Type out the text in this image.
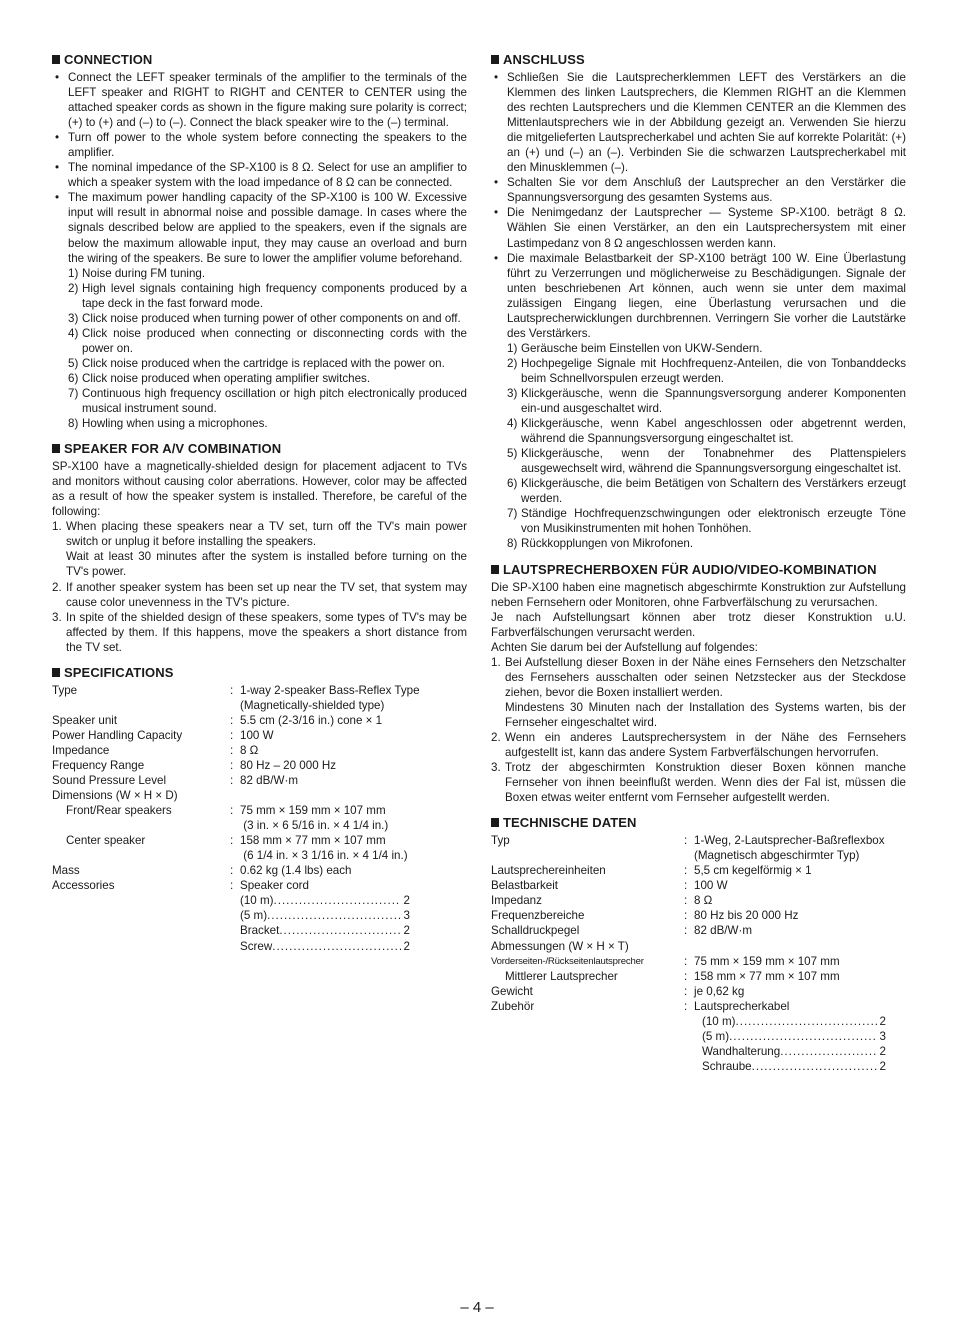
CONNECTION
• Connect the LEFT speaker terminals of the amplifier to the terminals of the LEFT speaker and RIGHT to RIGHT and CENTER to CENTER using the attached speaker cords as shown in the figure making sure polarity is correct; (+) to (+) and (–) to (–). Connect the black speaker wire to the (–) terminal.
• Turn off power to the whole system before connecting the speakers to the amplifier.
• The nominal impedance of the SP-X100 is 8 Ω. Select for use an amplifier to which a speaker system with the load impedance of 8 Ω can be connected.
• The maximum power handling capacity of the SP-X100 is 100 W. Excessive input will result in abnormal noise and possible damage. In cases where the signals described below are applied to the speakers, even if the signals are below the maximum allowable input, they may cause an overload and burn the wiring of the speakers. Be sure to lower the amplifier volume beforehand.
1) Noise during FM tuning.
2) High level signals containing high frequency components produced by a tape deck in the fast forward mode.
3) Click noise produced when turning power of other components on and off.
4) Click noise produced when connecting or disconnecting cords with the power on.
5) Click noise produced when the cartridge is replaced with the power on.
6) Click noise produced when operating amplifier switches.
7) Continuous high frequency oscillation or high pitch electronically produced musical instrument sound.
8) Howling when using a microphones.
SPEAKER FOR A/V COMBINATION

SP-X100 have a magnetically-shielded design for placement adjacent to TVs and monitors without causing color aberrations. However, color may be affected as a result of how the speaker system is installed. Therefore, be careful of the following:

1. When placing these speakers near a TV set, turn off the TV's main power switch or unplug it before installing the speakers.
Wait at least 30 minutes after the system is installed before turning on the TV's power.
2. If another speaker system has been set up near the TV set, that system may cause color unevenness in the TV's picture.
3. In spite of the shielded design of these speakers, some types of TV's may be affected by them. If this happens, move the speakers a short distance from the TV set.
SPECIFICATIONS
Type	: 1-way 2-speaker Bass-Reflex Type
(Magnetically-shielded type)
Speaker unit	: 5.5 cm (2-3/16 in.) cone × 1
Power Handling Capacity	: 100 W
Impedance	: 8 Ω
Frequency Range	: 80 Hz – 20 000 Hz
Sound Pressure Level	: 82 dB/W·m
Dimensions (W × H × D)
Front/Rear speakers	: 75 mm × 159 mm × 107 mm
(3 in. × 6 5/16 in. × 4 1/4 in.)
Center speaker	: 158 mm × 77 mm × 107 mm
(6 1/4 in. × 3 1/16 in. × 4 1/4 in.)
Mass	: 0.62 kg (1.4 lbs) each
Accessories	: Speaker cord
(10 m) .....	2
(5 m) .....	3
Bracket .....	2
Screw .....	2
ANSCHLUSS
• Schließen Sie die Lautsprecherklemmen LEFT des Verstärkers an die Klemmen des linken Lautsprechers, die Klemmen RIGHT an die Klemmen des rechten Lautsprechers und die Klemmen CENTER an die Klemmen des Mittenlautsprechers wie in der Abbildung gezeigt an. Verwenden Sie hierzu die mitgelieferten Lautsprecherkabel und achten Sie auf korrekte Polarität: (+) an (+) und (–) an (–). Verbinden Sie die schwarzen Lautsprecherkabel mit den Minusklemmen (–).
• Schalten Sie vor dem Anschluß der Lautsprecher an den Verstärker die Spannungsversorgung des gesamten Systems aus.
• Die Nenimgedanz der Lautsprecher — Systeme SP-X100. beträgt 8 Ω. Wählen Sie einen Verstärker, an den ein Lautsprechersystem mit einer Lastimpedanz von 8 Ω angeschlossen werden kann.
• Die maximale Belastbarkeit der SP-X100 beträgt 100 W. Eine Überlastung führt zu Verzerrungen und möglicherweise zu Beschädigungen. Signale der unten beschriebenen Art können, auch wenn sie unter dem maximal zulässigen Eingang liegen, eine Überlastung verursachen und die Lautsprecherwicklungen durchbrennen. Verringern Sie vorher die Lautstärke des Verstärkers.
1) Geräusche beim Einstellen von UKW-Sendern.
2) Hochpegelige Signale mit Hochfrequenz-Anteilen, die von Tonbanddecks beim Schnellvorspulen erzeugt werden.
3) Klickgeräusche, wenn die Spannungsversorgung anderer Komponenten ein-und ausgeschaltet wird.
4) Klickgeräusche, wenn Kabel angeschlossen oder abgetrennt werden, während die Spannungsversorgung eingeschaltet ist.
5) Klickgeräusche, wenn der Tonabnehmer des Plattenspielers ausgewechselt wird, während die Spannungsversorgung eingeschaltet ist.
6) Klickgeräusche, die beim Betätigen von Schaltern des Verstärkers erzeugt werden.
7) Ständige Hochfrequenzschwingungen oder elektronisch erzeugte Töne von Musikinstrumenten mit hohen Tonhöhen.
8) Rückkopplungen von Mikrofonen.
LAUTSPRECHERBOXEN FÜR AUDIO/VIDEO-KOMBINATION

Die SP-X100 haben eine magnetisch abgeschirmte Konstruktion zur Aufstellung neben Fernsehern oder Monitoren, ohne Farbverfälschung zu verursachen.

Je nach Aufstellungsart können aber trotz dieser Konstruktion u.U. Farbverfälschungen verursacht werden.

Achten Sie darum bei der Aufstellung auf folgendes:

1. Bei Aufstellung dieser Boxen in der Nähe eines Fernsehers den Netzschalter des Fernsehers ausschalten oder seinen Netzstecker aus der Steckdose ziehen, bevor die Boxen installiert werden.
Mindestens 30 Minuten nach der Installation des Systems warten, bis der Fernseher eingeschaltet wird.
2. Wenn ein anderes Lautsprechersystem in der Nähe des Fernsehers aufgestellt ist, kann das andere System Farbverfälschungen hervorrufen.
3. Trotz der abgeschirmten Konstruktion dieser Boxen können manche Fernseher von ihnen beeinflußt werden. Wenn dies der Fal ist, müssen die Boxen etwas weiter entfernt vom Fernseher aufgestellt werden.
TECHNISCHE DATEN
Typ	: 1-Weg, 2-Lautsprecher-Baßreflexbox
(Magnetisch abgeschirmter Typ)
Lautsprechereinheiten	: 5,5 cm kegelförmig × 1
Belastbarkeit	: 100 W
Impedanz	: 8 Ω
Frequenzbereiche	: 80 Hz bis 20 000 Hz
Schalldruckpegel	: 82 dB/W·m
Abmessungen (W × H × T)
Vorderseiten-/Rückseitenlautsprecher	: 75 mm × 159 mm × 107 mm
Mittlerer Lautsprecher	: 158 mm × 77 mm × 107 mm
Gewicht	: je 0,62 kg
Zubehör	: Lautsprecherkabel
(10 m) .....	2
(5 m) .....	3
Wandhalterung .....	2
Schraube .....	2
– 4 –
